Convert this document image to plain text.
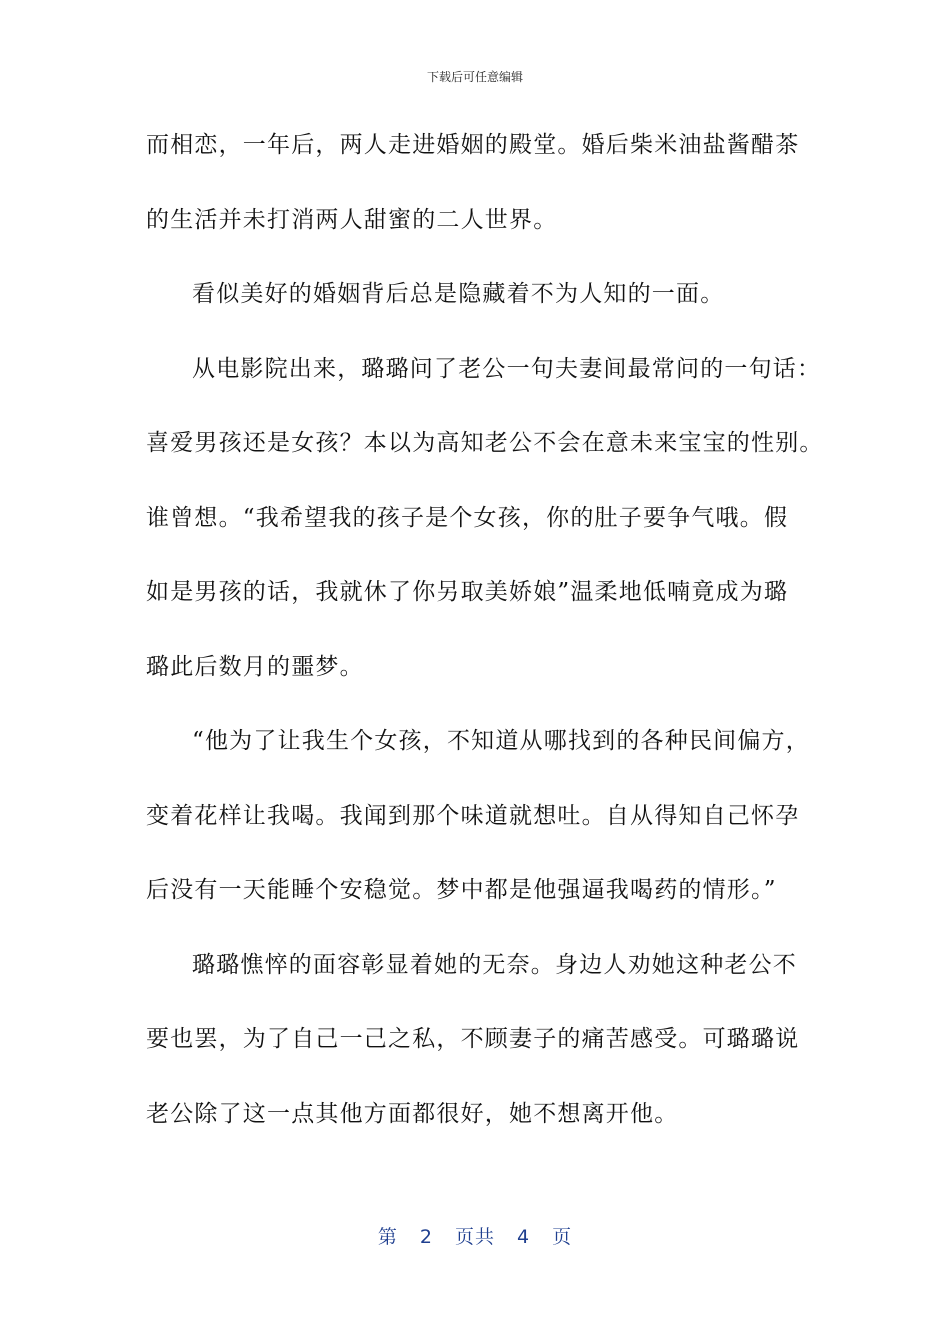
下载后可任意编辑
而相恋，一年后，两人走进婚姻的殿堂。婚后柴米油盐酱醋茶
的生活并未打消两人甜蜜的二人世界。
看似美好的婚姻背后总是隐藏着不为人知的一面。
从电影院出来，璐璐问了老公一句夫妻间最常问的一句话：
喜爱男孩还是女孩？本以为高知老公不会在意未来宝宝的性别。
谁曾想。“我希望我的孩子是个女孩，你的肚子要争气哦。假
如是男孩的话，我就休了你另取美娇娘”温柔地低喃竟成为璐
璐此后数月的噩梦。
“他为了让我生个女孩，不知道从哪找到的各种民间偏方，
变着花样让我喝。我闻到那个味道就想吐。自从得知自己怀孕
后没有一天能睡个安稳觉。梦中都是他强逼我喝药的情形。”
璐璐憔悴的面容彰显着她的无奈。身边人劝她这种老公不
要也罢，为了自己一己之私，不顾妻子的痛苦感受。可璐璐说
老公除了这一点其他方面都很好，她不想离开他。
第 2 页共 4 页
